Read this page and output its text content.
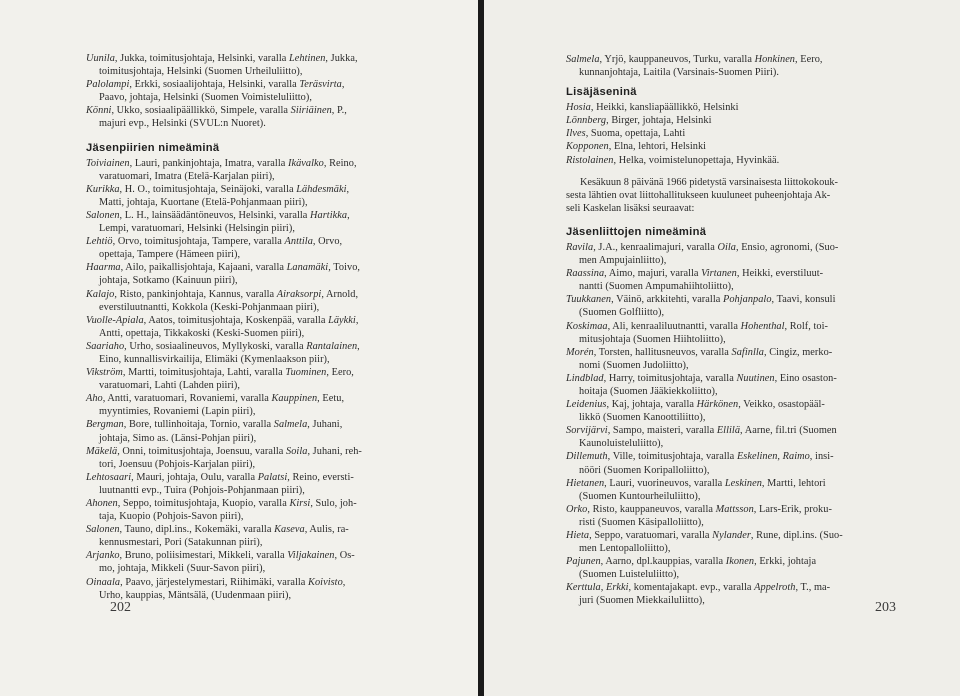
Uunila, Jukka, toimitusjohtaja, Helsinki, varalla Lehtinen, Jukka,
toimitusjohtaja, Helsinki (Suomen Urheiluliitto),
Palolampi, Erkki, sosiaalijohtaja, Helsinki, varalla Teräsvirta,
Paavo, johtaja, Helsinki (Suomen Voimisteluliitto),
Könni, Ukko, sosiaalipäällikkö, Simpele, varalla Siiriäinen, P.,
majuri evp., Helsinki (SVUL:n Nuoret).
Jäsenpiirien nimeäminä
Toiviainen, Lauri, pankinjohtaja, Imatra, varalla Ikävalko, Reino,
varatuomari, Imatra (Etelä-Karjalan piiri),
Kurikka, H. O., toimitusjohtaja, Seinäjoki, varalla Lähdesmäki,
Matti, johtaja, Kuortane (Etelä-Pohjanmaan piiri),
Salonen, L. H., lainsäädäntöneuvos, Helsinki, varalla Hartikka,
Lempi, varatuomari, Helsinki (Helsingin piiri),
Lehtiö, Orvo, toimitusjohtaja, Tampere, varalla Anttila, Orvo,
opettaja, Tampere (Hämeen piiri),
Haarma, Ailo, paikallisjohtaja, Kajaani, varalla Lanamäki, Toivo,
johtaja, Sotkamo (Kainuun piiri),
Kalajo, Risto, pankinjohtaja, Kannus, varalla Airaksorpi, Arnold,
everstiluutnantti, Kokkola (Keski-Pohjanmaan piiri),
Vuolle-Apiala, Aatos, toimitusjohtaja, Koskenpää, varalla Läykki,
Antti, opettaja, Tikkakoski (Keski-Suomen piiri),
Saariaho, Urho, sosiaalineuvos, Myllykoski, varalla Rantalainen,
Eino, kunnallisvirkailija, Elimäki (Kymenlaakson piir),
Vikström, Martti, toimitusjohtaja, Lahti, varalla Tuominen, Eero,
varatuomari, Lahti (Lahden piiri),
Aho, Antti, varatuomari, Rovaniemi, varalla Kauppinen, Eetu,
myyntimies, Rovaniemi (Lapin piiri),
Bergman, Bore, tullinhoitaja, Tornio, varalla Salmela, Juhani,
johtaja, Simo as. (Länsi-Pohjan piiri),
Mäkelä, Onni, toimitusjohtaja, Joensuu, varalla Soila, Juhani, reh-
tori, Joensuu (Pohjois-Karjalan piiri),
Lehtosaari, Mauri, johtaja, Oulu, varalla Palatsi, Reino, eversti-
luutnantti evp., Tuira (Pohjois-Pohjanmaan piiri),
Ahonen, Seppo, toimitusjohtaja, Kuopio, varalla Kirsi, Sulo, joh-
taja, Kuopio (Pohjois-Savon piiri),
Salonen, Tauno, dipl.ins., Kokemäki, varalla Kaseva, Aulis, ra-
kennusmestari, Pori (Satakunnan piiri),
Arjanko, Bruno, poliisimestari, Mikkeli, varalla Viljakainen, Os-
mo, johtaja, Mikkeli (Suur-Savon piiri),
Oinaala, Paavo, järjestelymestari, Riihimäki, varalla Koivisto,
Urho, kauppias, Mäntsälä, (Uudenmaan piiri),
202
Salmela, Yrjö, kauppaneuvos, Turku, varalla Honkinen, Eero,
kunnanjohtaja, Laitila (Varsinais-Suomen Piiri).
Lisäjäseninä
Hosia, Heikki, kansliapäällikkö, Helsinki
Lönnberg, Birger, johtaja, Helsinki
Ilves, Suoma, opettaja, Lahti
Kopponen, Elna, lehtori, Helsinki
Ristolainen, Helka, voimistelunopettaja, Hyvinkää.
Kesäkuun 8 päivänä 1966 pidetystä varsinaisesta liittokokouk-
sesta lähtien ovat liittohallitukseen kuuluneet puheenjohtaja Ak-
seli Kaskelan lisäksi seuraavat:
Jäsenliittojen nimeäminä
Ravila, J.A., kenraalimajuri, varalla Oila, Ensio, agronomi, (Suo-
men Ampujainliitto),
Raassina, Aimo, majuri, varalla Virtanen, Heikki, everstiluut-
nantti (Suomen Ampumahiihtoliitto),
Tuukkanen, Väinö, arkkitehti, varalla Pohjanpalo, Taavi, konsuli
(Suomen Golfliitto),
Koskimaa, Ali, kenraaliluutnantti, varalla Hohenthal, Rolf, toi-
mitusjohtaja (Suomen Hiihtoliitto),
Morén, Torsten, hallitusneuvos, varalla Safinlla, Cingiz, merko-
nomi (Suomen Judoliitto),
Lindblad, Harry, toimitusjohtaja, varalla Nuutinen, Eino osaston-
hoitaja (Suomen Jääkiekkoliitto),
Leidenius, Kaj, johtaja, varalla Härkönen, Veikko, osastopääl-
likkö (Suomen Kanoottiliitto),
Sorvijärvi, Sampo, maisteri, varalla Ellilä, Aarne, fil.tri (Suomen
Kaunoluisteluliitto),
Dillemuth, Ville, toimitusjohtaja, varalla Eskelinen, Raimo, insi-
nööri (Suomen Koripalloliitto),
Hietanen, Lauri, vuorineuvos, varalla Leskinen, Martti, lehtori
(Suomen Kuntourheiluliitto),
Orko, Risto, kauppaneuvos, varalla Mattsson, Lars-Erik, proku-
risti (Suomen Käsipalloliitto),
Hieta, Seppo, varatuomari, varalla Nylander, Rune, dipl.ins. (Suo-
men Lentopalloliitto),
Pajunen, Aarno, dpl.kauppias, varalla Ikonen, Erkki, johtaja
(Suomen Luisteluliitto),
Kerttula, Erkki, komentajakapt. evp., varalla Appelroth, T., ma-
juri (Suomen Miekkailuliitto),	203
